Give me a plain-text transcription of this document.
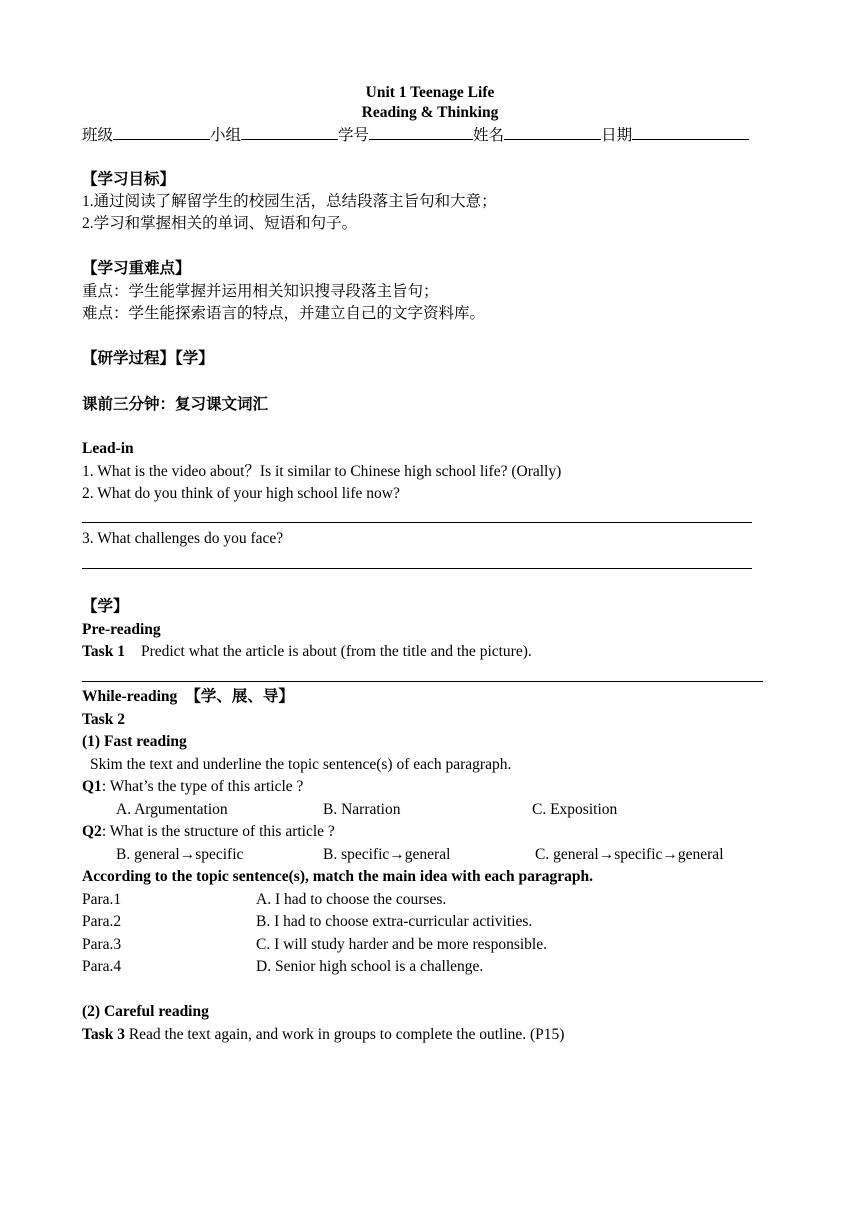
Unit 1 Teenage Life
Reading & Thinking
班级	小组	学号	姓名	日期
【学习目标】
1.通过阅读了解留学生的校园生活，总结段落主旨句和大意；
2.学习和掌握相关的单词、短语和句子。
【学习重难点】
重点：学生能掌握并运用相关知识搜寻段落主旨句；
难点：学生能探索语言的特点，并建立自己的文字资料库。
【研学过程】【学】
课前三分钟：复习课文词汇
Lead-in
1. What is the video about？Is it similar to Chinese high school life? (Orally)
2. What do you think of your high school life now?
3. What challenges do you face?
【学】
Pre-reading
Task 1 Predict what the article is about (from the title and the picture).
While-reading 【学、展、导】
Task 2
(1) Fast reading
Skim the text and underline the topic sentence(s) of each paragraph.
Q1: What’s the type of this article ?
A. Argumentation	B. Narration	C. Exposition
Q2: What is the structure of this article ?
B. general→specific	B. specific→general	C. general→specific→general
According to the topic sentence(s), match the main idea with each paragraph.
Para.1	A. I had to choose the courses.
Para.2	B. I had to choose extra-curricular activities.
Para.3	C. I will study harder and be more responsible.
Para.4	D. Senior high school is a challenge.
(2) Careful reading
Task 3 Read the text again, and work in groups to complete the outline. (P15)
